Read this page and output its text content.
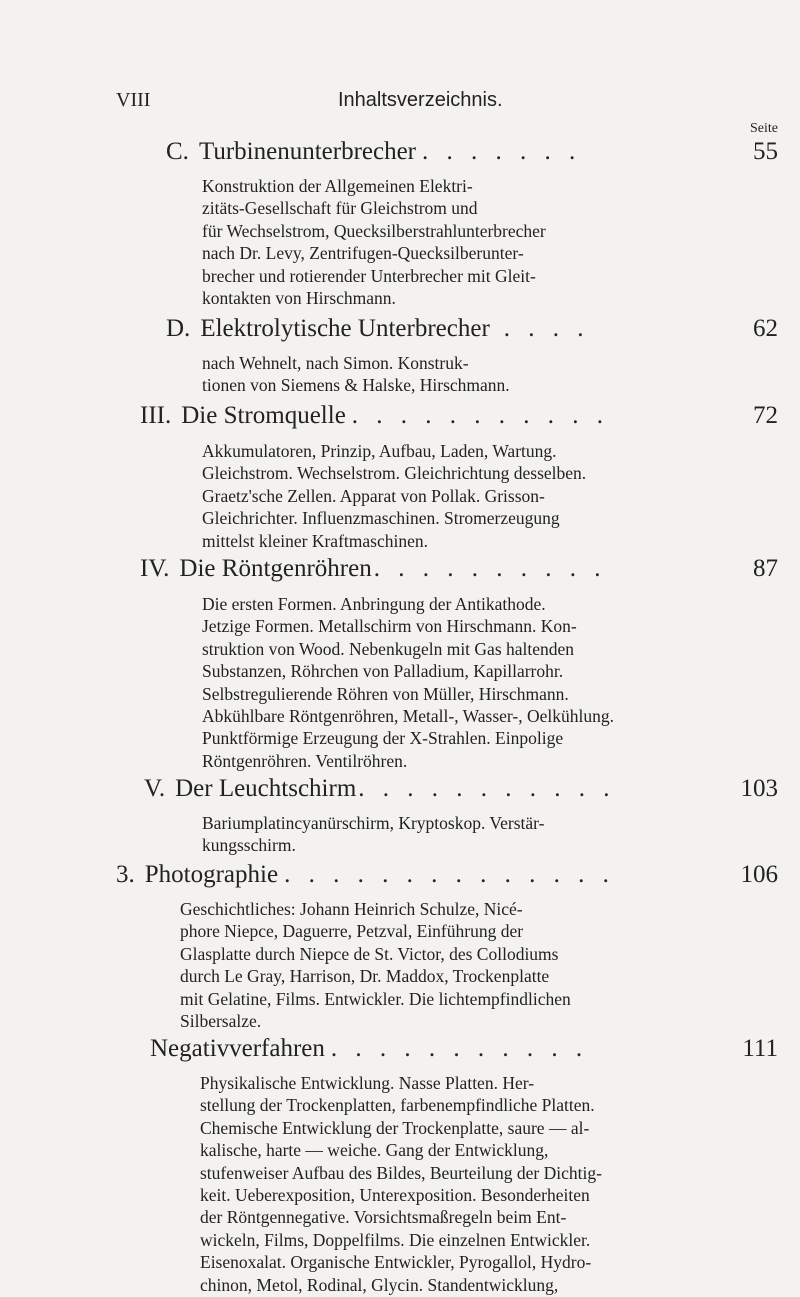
VIII	Inhaltsverzeichnis.
Seite
C. Turbinenunterbrecher . . . . . . .	55
Konstruktion der Allgemeinen Elektri-
zitäts-Gesellschaft für Gleichstrom und
für Wechselstrom, Quecksilberstrahlunterbrecher
nach Dr. Levy, Zentrifugen-Quecksilberunter-
brecher und rotierender Unterbrecher mit Gleit-
kontakten von Hirschmann.
D. Elektrolytische Unterbrecher . . . .	62
nach Wehnelt, nach Simon. Konstruk-
tionen von Siemens & Halske, Hirschmann.
III. Die Stromquelle . . . . . . . . . . .	72
Akkumulatoren, Prinzip, Aufbau, Laden, Wartung.
Gleichstrom. Wechselstrom. Gleichrichtung desselben.
Graetz'sche Zellen. Apparat von Pollak. Grisson-
Gleichrichter. Influenzmaschinen. Stromerzeugung
mittelst kleiner Kraftmaschinen.
IV. Die Röntgenröhren . . . . . . . . . .	87
Die ersten Formen. Anbringung der Antikathode.
Jetzige Formen. Metallschirm von Hirschmann. Kon-
struktion von Wood. Nebenkugeln mit Gas haltenden
Substanzen, Röhrchen von Palladium, Kapillarrohr.
Selbstregulierende Röhren von Müller, Hirschmann.
Abkühlbare Röntgenröhren, Metall-, Wasser-, Oelkühlung.
Punktförmige Erzeugung der X-Strahlen. Einpolige
Röntgenröhren. Ventilröhren.
V. Der Leuchtschirm . . . . . . . . . . .	103
Bariumplatincyanürschirm, Kryptoskop. Verstär-
kungsschirm.
3. Photographie . . . . . . . . . . . . . .	106
Geschichtliches: Johann Heinrich Schulze, Nicé-
phore Niepce, Daguerre, Petzval, Einführung der
Glasplatte durch Niepce de St. Victor, des Collodiums
durch Le Gray, Harrison, Dr. Maddox, Trockenplatte
mit Gelatine, Films. Entwickler. Die lichtempfindlichen
Silbersalze.
Negativverfahren . . . . . . . . . . .	111
Physikalische Entwicklung. Nasse Platten. Her-
stellung der Trockenplatten, farbenempfindliche Platten.
Chemische Entwicklung der Trockenplatte, saure — al-
kalische, harte — weiche. Gang der Entwicklung,
stufenweiser Aufbau des Bildes, Beurteilung der Dichtig-
keit. Ueberexposition, Unterexposition. Besonderheiten
der Röntgennegative. Vorsichtsmaßregeln beim Ent-
wickeln, Films, Doppelfilms. Die einzelnen Entwickler.
Eisenoxalat. Organische Entwickler, Pyrogallol, Hydro-
chinon, Metol, Rodinal, Glycin. Standentwicklung,
